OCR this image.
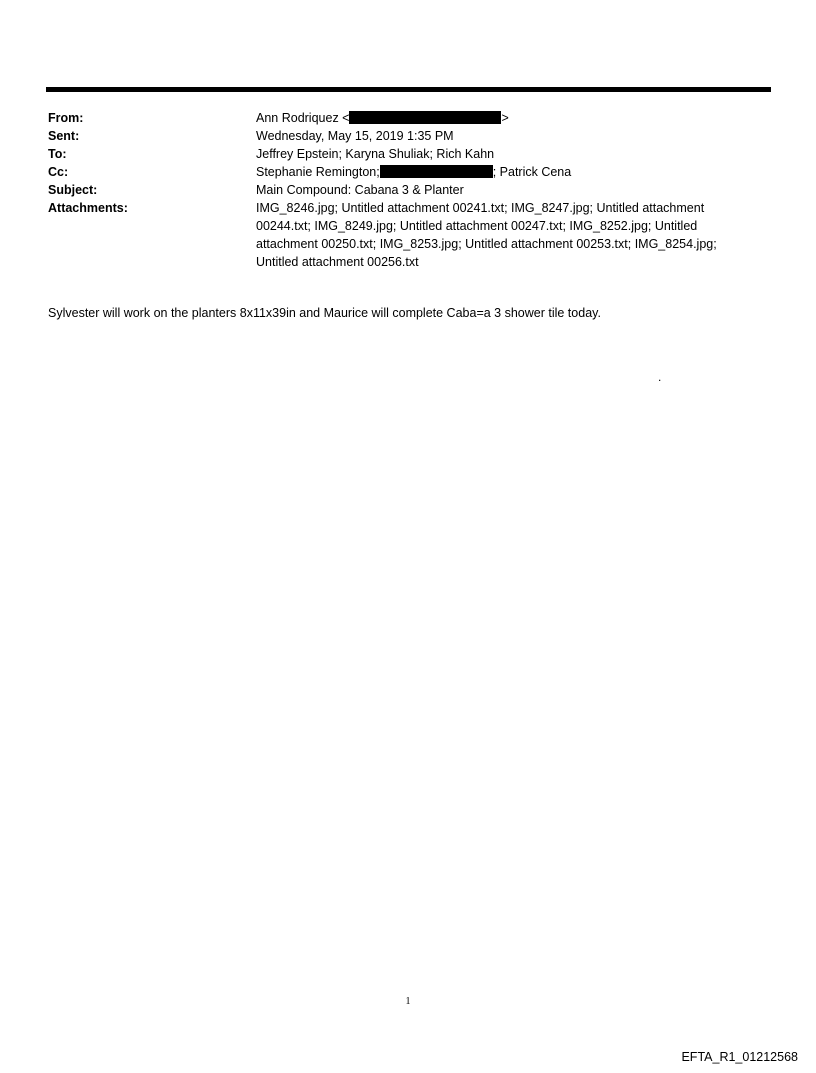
From:	Ann Rodriquez <	>
Sent:	Wednesday, May 15, 2019 1:35 PM
To:	Jeffrey Epstein; Karyna Shuliak; Rich Kahn
Cc:	Stephanie Remington;	; Patrick Cena
Subject:	Main Compound: Cabana 3 & Planter
Attachments:	IMG_8246.jpg; Untitled attachment 00241.txt; IMG_8247.jpg; Untitled attachment
00244.txt; IMG_8249.jpg; Untitled attachment 00247.txt; IMG_8252.jpg; Untitled
attachment 00250.txt; IMG_8253.jpg; Untitled attachment 00253.txt; IMG_8254.jpg;
Untitled attachment 00256.txt
Sylvester will work on the planters 8x11x39in and Maurice will complete Caba=a 3 shower tile today.
.
1
EFTA_R1_01212568
